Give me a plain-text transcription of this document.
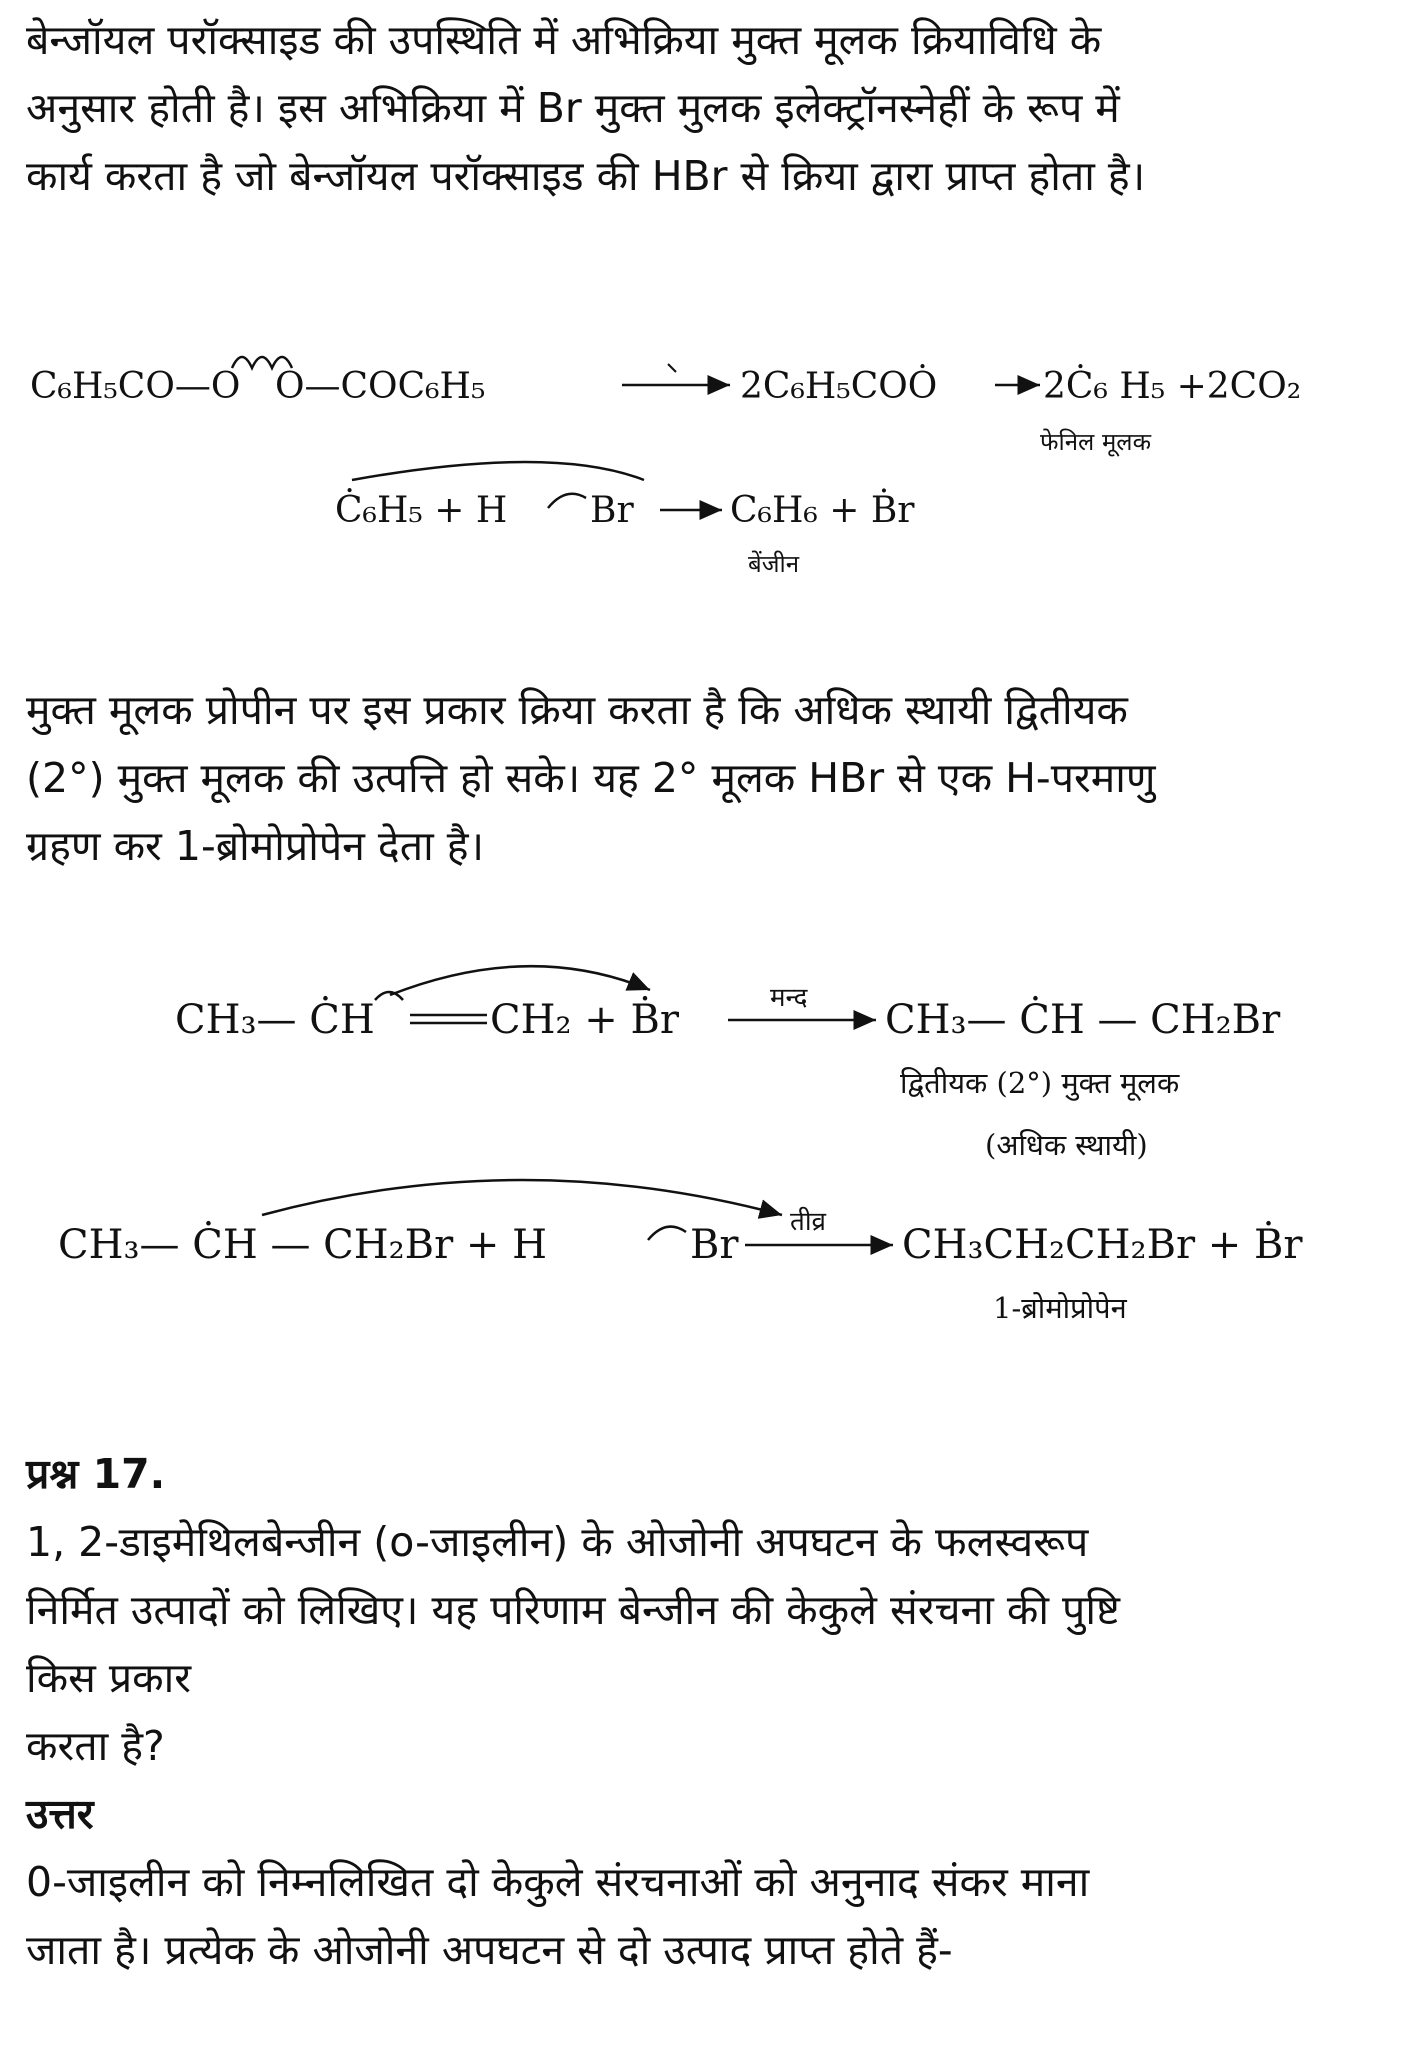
बेन्जॉयल परॉक्साइड की उपस्थिति में अभिक्रिया मुक्त मूलक क्रियाविधि के
अनुसार होती है। इस अभिक्रिया में Br मुक्त मुलक इलेक्ट्रॉनस्नेहीं के रूप में
कार्य करता है जो बेन्जॉयल परॉक्साइड की HBr से क्रिया द्वारा प्राप्त होता है।
C₆H₅CO—O O—COC₆H₅	2C₆H₅COȮ	2Ċ₆ H₅ +2CO₂
फेनिल मूलक
Ċ₆H₅ + H Br	C₆H₆ + Ḃr
बेंजीन
CH₃— ĊH	CH₂ + Ḃr	मन्द CH₃— ĊH — CH₂Br
द्वितीयक (2°) मुक्त मूलक
(अधिक स्थायी)
CH₃— ĊH — CH₂Br + H	Br तीव्र CH₃CH₂CH₂Br + Ḃr
1-ब्रोमोप्रोपेन
मुक्त मूलक प्रोपीन पर इस प्रकार क्रिया करता है कि अधिक स्थायी द्वितीयक
(2°) मुक्त मूलक की उत्पत्ति हो सके। यह 2° मूलक HBr से एक H-परमाणु
ग्रहण कर 1-ब्रोमोप्रोपेन देता है।
प्रश्न 17.
1, 2-डाइमेथिलबेन्जीन (o-जाइलीन) के ओजोनी अपघटन के फलस्वरूप
निर्मित उत्पादों को लिखिए। यह परिणाम बेन्जीन की केकुले संरचना की पुष्टि
किस प्रकार
करता है?
उत्तर
0-जाइलीन को निम्नलिखित दो केकुले संरचनाओं को अनुनाद संकर माना
जाता है। प्रत्येक के ओजोनी अपघटन से दो उत्पाद प्राप्त होते हैं-
